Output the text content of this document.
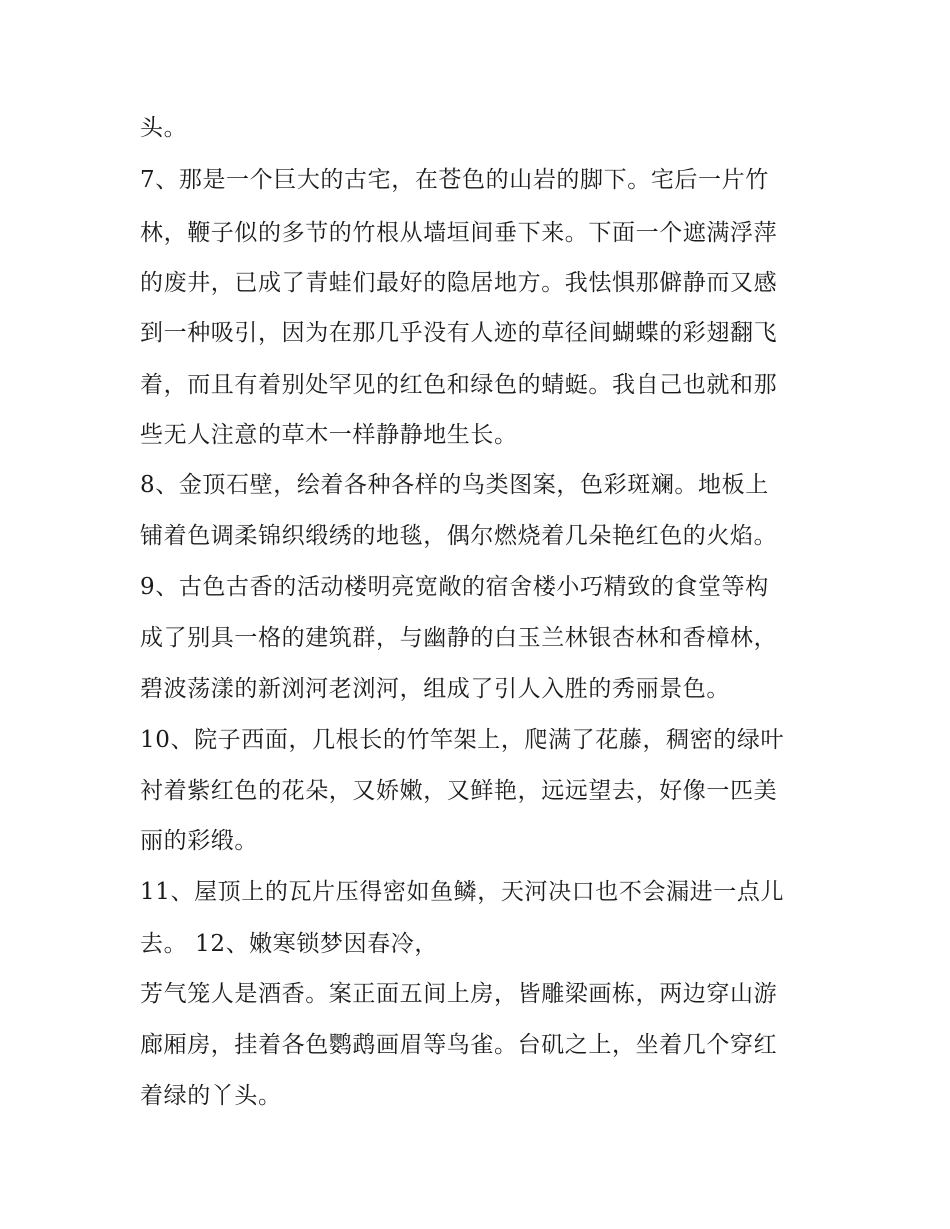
头。
7、那是一个巨大的古宅，在苍色的山岩的脚下。宅后一片竹
林，鞭子似的多节的竹根从墙垣间垂下来。下面一个遮满浮萍
的废井，已成了青蛙们最好的隐居地方。我怯惧那僻静而又感
到一种吸引，因为在那几乎没有人迹的草径间蝴蝶的彩翅翻飞
着，而且有着别处罕见的红色和绿色的蜻蜓。我自己也就和那
些无人注意的草木一样静静地生长。
8、金顶石壁，绘着各种各样的鸟类图案，色彩斑斓。地板上
铺着色调柔锦织缎绣的地毯，偶尔燃烧着几朵艳红色的火焰。
9、古色古香的活动楼明亮宽敞的宿舍楼小巧精致的食堂等构
成了别具一格的建筑群，与幽静的白玉兰林银杏林和香樟林，
碧波荡漾的新浏河老浏河，组成了引人入胜的秀丽景色。
10、院子西面，几根长的竹竿架上，爬满了花藤，稠密的绿叶
衬着紫红色的花朵，又娇嫩，又鲜艳，远远望去，好像一匹美
丽的彩缎。
11、屋顶上的瓦片压得密如鱼鳞，天河决口也不会漏进一点儿
去。 12、嫩寒锁梦因春冷，
芳气笼人是酒香。案正面五间上房，皆雕梁画栋，两边穿山游
廊厢房，挂着各色鹦鹉画眉等鸟雀。台矶之上，坐着几个穿红
着绿的丫头。
